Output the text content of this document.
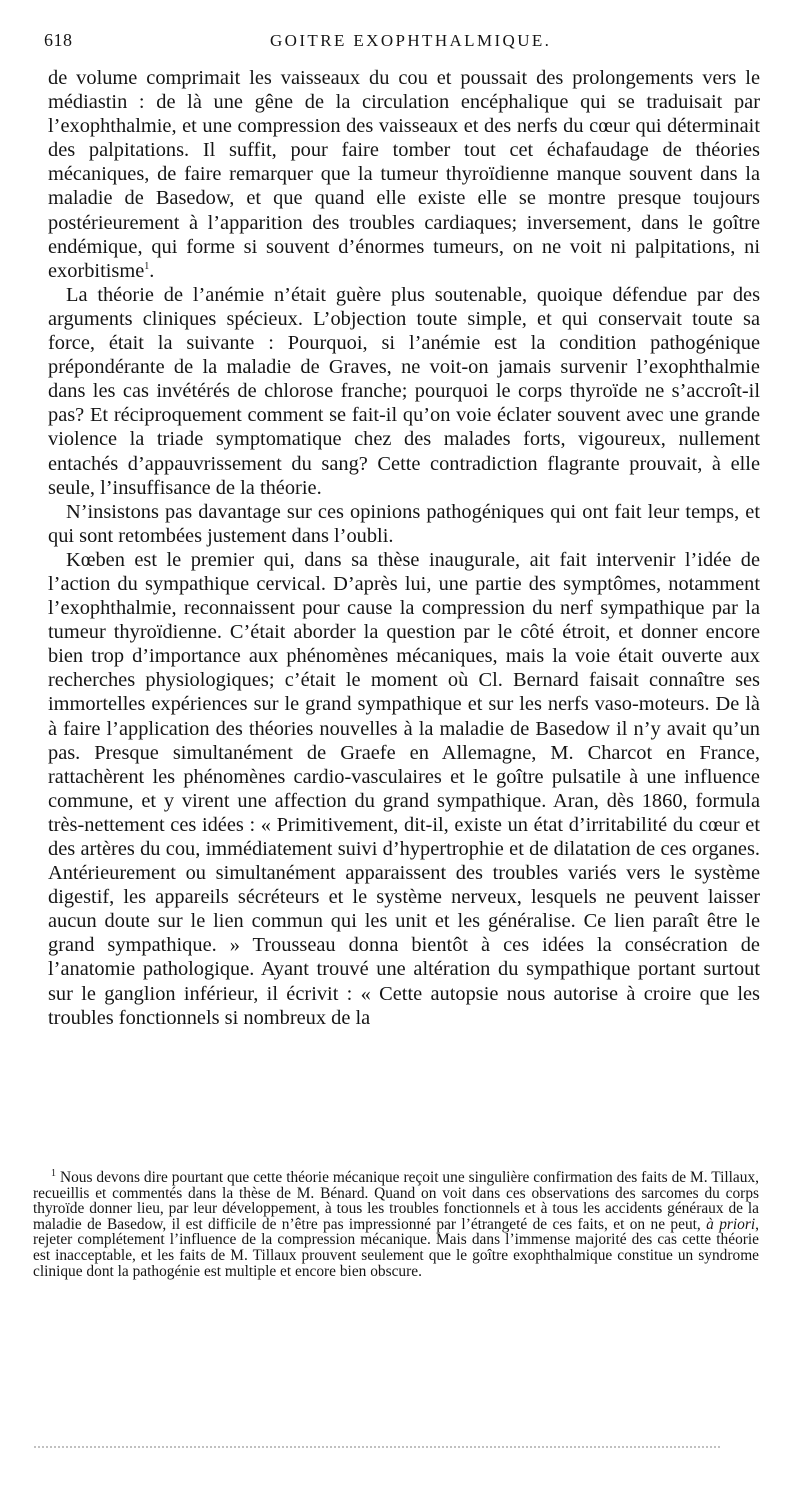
618	GOITRE EXOPHTHALMIQUE.

de volume comprimait les vaisseaux du cou et poussait des prolongements vers le médiastin : de là une gêne de la circulation encéphalique qui se traduisait par l’exophthalmie, et une compression des vaisseaux et des nerfs du cœur qui déterminait des palpitations. Il suffit, pour faire tomber tout cet échafaudage de théories mécaniques, de faire remarquer que la tumeur thyroïdienne manque souvent dans la maladie de Basedow, et que quand elle existe elle se montre presque toujours postérieurement à l’apparition des troubles cardiaques; inversement, dans le goître endémique, qui forme si souvent d’énormes tumeurs, on ne voit ni palpitations, ni exorbitisme$^1$.

La théorie de l’anémie n’était guère plus soutenable, quoique défendue par des arguments cliniques spécieux. L’objection toute simple, et qui conservait toute sa force, était la suivante : Pourquoi, si l’anémie est la condition pathogénique prépondérante de la maladie de Graves, ne voit-on jamais survenir l’exophthalmie dans les cas invétérés de chlorose franche; pourquoi le corps thyroïde ne s’accroît-il pas? Et réciproquement comment se fait-il qu’on voie éclater souvent avec une grande violence la triade symptomatique chez des malades forts, vigoureux, nullement entachés d’appauvrissement du sang? Cette contradiction flagrante prouvait, à elle seule, l’insuffisance de la théorie.

N’insistons pas davantage sur ces opinions pathogéniques qui ont fait leur temps, et qui sont retombées justement dans l’oubli.

Kœben est le premier qui, dans sa thèse inaugurale, ait fait intervenir l’idée de l’action du sympathique cervical. D’après lui, une partie des symptômes, notamment l’exophthalmie, reconnaissent pour cause la compression du nerf sympathique par la tumeur thyroïdienne. C’était aborder la question par le côté étroit, et donner encore bien trop d’importance aux phénomènes mécaniques, mais la voie était ouverte aux recherches physiologiques; c’était le moment où Cl. Bernard faisait connaître ses immortelles expériences sur le grand sympathique et sur les nerfs vaso-moteurs. De là à faire l’application des théories nouvelles à la maladie de Basedow il n’y avait qu’un pas. Presque simultanément de Graefe en Allemagne, M. Charcot en France, rattachèrent les phénomènes cardio-vasculaires et le goître pulsatile à une influence commune, et y virent une affection du grand sympathique. Aran, dès 1860, formula très-nettement ces idées : « Primitivement, dit-il, existe un état d’irritabilité du cœur et des artères du cou, immédiatement suivi d’hypertrophie et de dilatation de ces organes. Antérieurement ou simultanément apparaissent des troubles variés vers le système digestif, les appareils sécréteurs et le système nerveux, lesquels ne peuvent laisser aucun doute sur le lien commun qui les unit et les généralise. Ce lien paraît être le grand sympathique. » Trousseau donna bientôt à ces idées la consécration de l’anatomie pathologique. Ayant trouvé une altération du sympathique portant surtout sur le ganglion inférieur, il écrivit : « Cette autopsie nous autorise à croire que les troubles fonctionnels si nombreux de la

$^1$ Nous devons dire pourtant que cette théorie mécanique reçoit une singulière confirmation des faits de M. Tillaux, recueillis et commentés dans la thèse de M. Bénard. Quand on voit dans ces observations des sarcomes du corps thyroïde donner lieu, par leur développement, à tous les troubles fonctionnels et à tous les accidents généraux de la maladie de Basedow, il est difficile de n’être pas impressionné par l’étrangeté de ces faits, et on ne peut, à priori, rejeter complétement l’influence de la compression mécanique. Mais dans l’immense majorité des cas cette théorie est inacceptable, et les faits de M. Tillaux prouvent seulement que le goître exophthalmique constitue un syndrome clinique dont la pathogénie est multiple et encore bien obscure.
